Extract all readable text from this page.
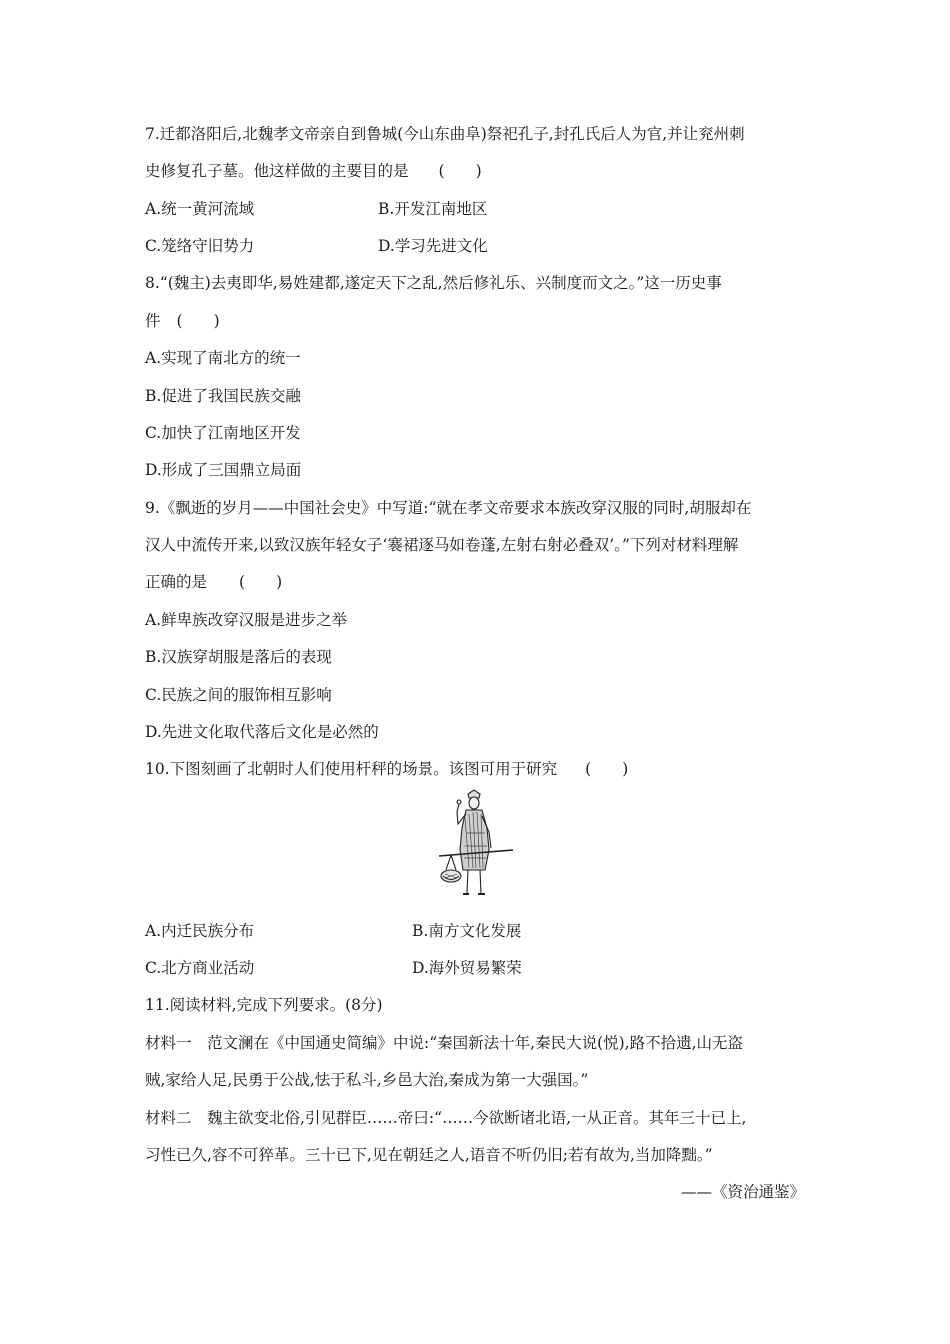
7.迁都洛阳后,北魏孝文帝亲自到鲁城(今山东曲阜)祭祀孔子,封孔氏后人为官,并让兖州刺
史修复孔子墓。他这样做的主要目的是 (　　)
A.统一黄河流域	B.开发江南地区
C.笼络守旧势力	D.学习先进文化
8.“(魏主)去夷即华,易姓建都,遂定天下之乱,然后修礼乐、兴制度而文之。”这一历史事
件 (　　)
A.实现了南北方的统一
B.促进了我国民族交融
C.加快了江南地区开发
D.形成了三国鼎立局面
9.《飘逝的岁月——中国社会史》中写道:“就在孝文帝要求本族改穿汉服的同时,胡服却在
汉人中流传开来,以致汉族年轻女子‘褰裙逐马如卷蓬,左射右射必叠双’。”下列对材料理解
正确的是 (　　)
A.鲜卑族改穿汉服是进步之举
B.汉族穿胡服是落后的表现
C.民族之间的服饰相互影响
D.先进文化取代落后文化是必然的
10.下图刻画了北朝时人们使用杆秤的场景。该图可用于研究 (　　)
A.内迁民族分布	B.南方文化发展
C.北方商业活动	D.海外贸易繁荣
11.阅读材料,完成下列要求。(8分)
材料一　范文澜在《中国通史简编》中说:“秦国新法十年,秦民大说(悦),路不拾遗,山无盗
贼,家给人足,民勇于公战,怯于私斗,乡邑大治,秦成为第一大强国。”
材料二　魏主欲变北俗,引见群臣……帝曰:“……今欲断诸北语,一从正音。其年三十已上,
习性已久,容不可猝革。三十已下,见在朝廷之人,语音不听仍旧;若有故为,当加降黜。”
——《资治通鉴》
